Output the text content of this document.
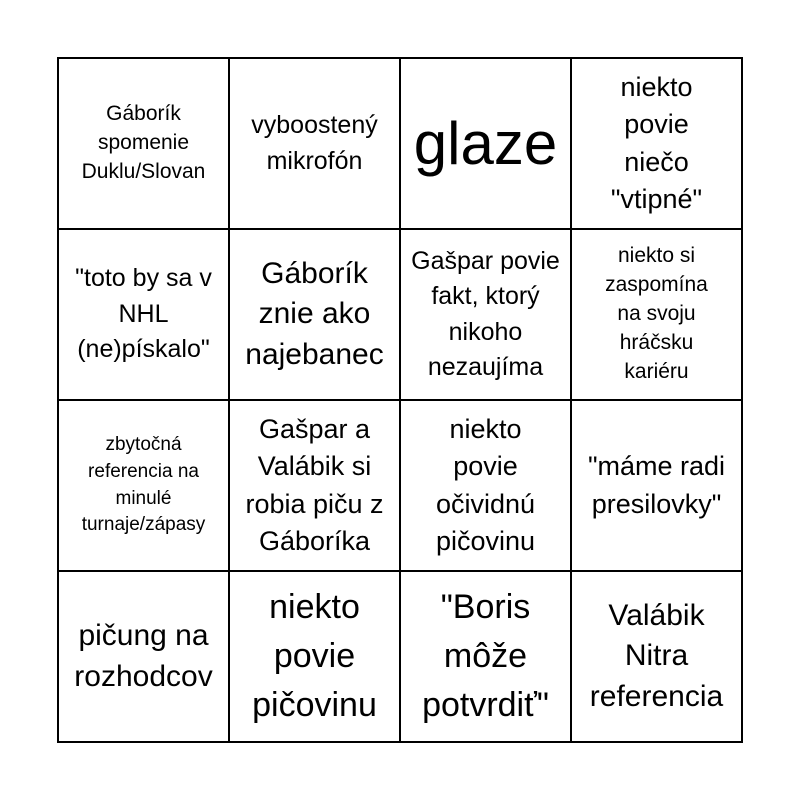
Gáborík spomenie Duklu/Slovan
vyboostený mikrofón glaze
niekto povie niečo "vtipné"
"toto by sa v NHL (ne)pískalo"
Gáborík znie ako najebanec
Gašpar povie fakt, ktorý nikoho nezaujíma
niekto si zaspomína na svoju hráčsku kariéru
zbytočná referencia na minulé turnaje/zápasy
Gašpar a Valábik si robia piču z Gáboríka
niekto povie očividnú pičovinu
"máme radi presilovky"
pičung na rozhodcov
niekto povie pičovinu
"Boris môže potvrdiť"
Valábik Nitra referencia
